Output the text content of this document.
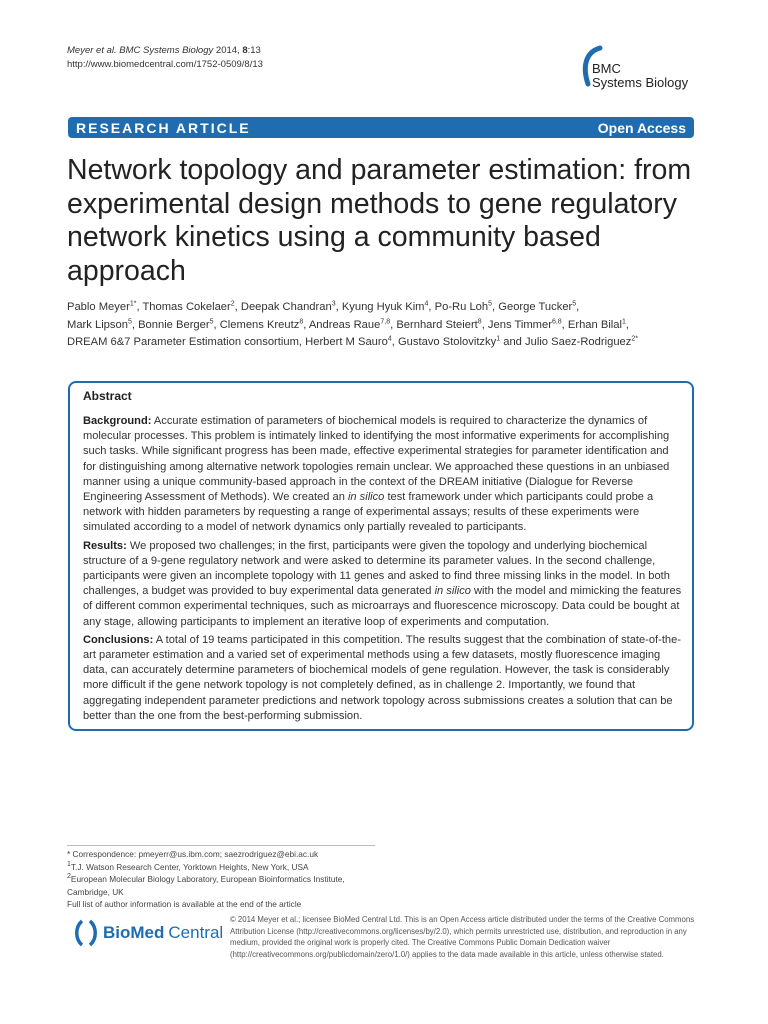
Meyer et al. BMC Systems Biology 2014, 8:13
http://www.biomedcentral.com/1752-0509/8/13	BMC
Systems Biology
RESEARCH ARTICLE	Open Access
Network topology and parameter estimation: from experimental design methods to gene regulatory network kinetics using a community based approach
Pablo Meyer$^{1*}$, Thomas Cokelaer$^2$, Deepak Chandran$^3$, Kyung Hyuk Kim$^4$, Po-Ru Loh$^5$, George Tucker$^5$,
Mark Lipson$^5$, Bonnie Berger$^5$, Clemens Kreutz$^8$, Andreas Raue$^{7,8}$, Bernhard Steiert$^8$, Jens Timmer$^{6,8}$, Erhan Bilal$^1$,
DREAM 6&7 Parameter Estimation consortium, Herbert M Sauro$^4$, Gustavo Stolovitzky$^1$ and Julio Saez-Rodriguez$^{2*}$
Abstract

Background: Accurate estimation of parameters of biochemical models is required to characterize the dynamics of molecular processes. This problem is intimately linked to identifying the most informative experiments for accomplishing such tasks. While significant progress has been made, effective experimental strategies for parameter identification and for distinguishing among alternative network topologies remain unclear. We approached these questions in an unbiased manner using a unique community-based approach in the context of the DREAM initiative (Dialogue for Reverse Engineering Assessment of Methods). We created an in silico test framework under which participants could probe a network with hidden parameters by requesting a range of experimental assays; results of these experiments were simulated according to a model of network dynamics only partially revealed to participants.

Results: We proposed two challenges; in the first, participants were given the topology and underlying biochemical structure of a 9-gene regulatory network and were asked to determine its parameter values. In the second challenge, participants were given an incomplete topology with 11 genes and asked to find three missing links in the model. In both challenges, a budget was provided to buy experimental data generated in silico with the model and mimicking the features of different common experimental techniques, such as microarrays and fluorescence microscopy. Data could be bought at any stage, allowing participants to implement an iterative loop of experiments and computation.

Conclusions: A total of 19 teams participated in this competition. The results suggest that the combination of state-of-the-art parameter estimation and a varied set of experimental methods using a few datasets, mostly fluorescence imaging data, can accurately determine parameters of biochemical models of gene regulation. However, the task is considerably more difficult if the gene network topology is not completely defined, as in challenge 2. Importantly, we found that aggregating independent parameter predictions and network topology across submissions creates a solution that can be better than the one from the best-performing submission.

* Correspondence: pmeyerr@us.ibm.com; saezrodriguez@ebi.ac.uk
$^1$T.J. Watson Research Center, Yorktown Heights, New York, USA
$^2$European Molecular Biology Laboratory, European Bioinformatics Institute, Cambridge, UK
Full list of author information is available at the end of the article
BioMed Central
© 2014 Meyer et al.; licensee BioMed Central Ltd. This is an Open Access article distributed under the terms of the Creative Commons Attribution License (http://creativecommons.org/licenses/by/2.0), which permits unrestricted use, distribution, and reproduction in any medium, provided the original work is properly cited. The Creative Commons Public Domain Dedication waiver (http://creativecommons.org/publicdomain/zero/1.0/) applies to the data made available in this article, unless otherwise stated.
